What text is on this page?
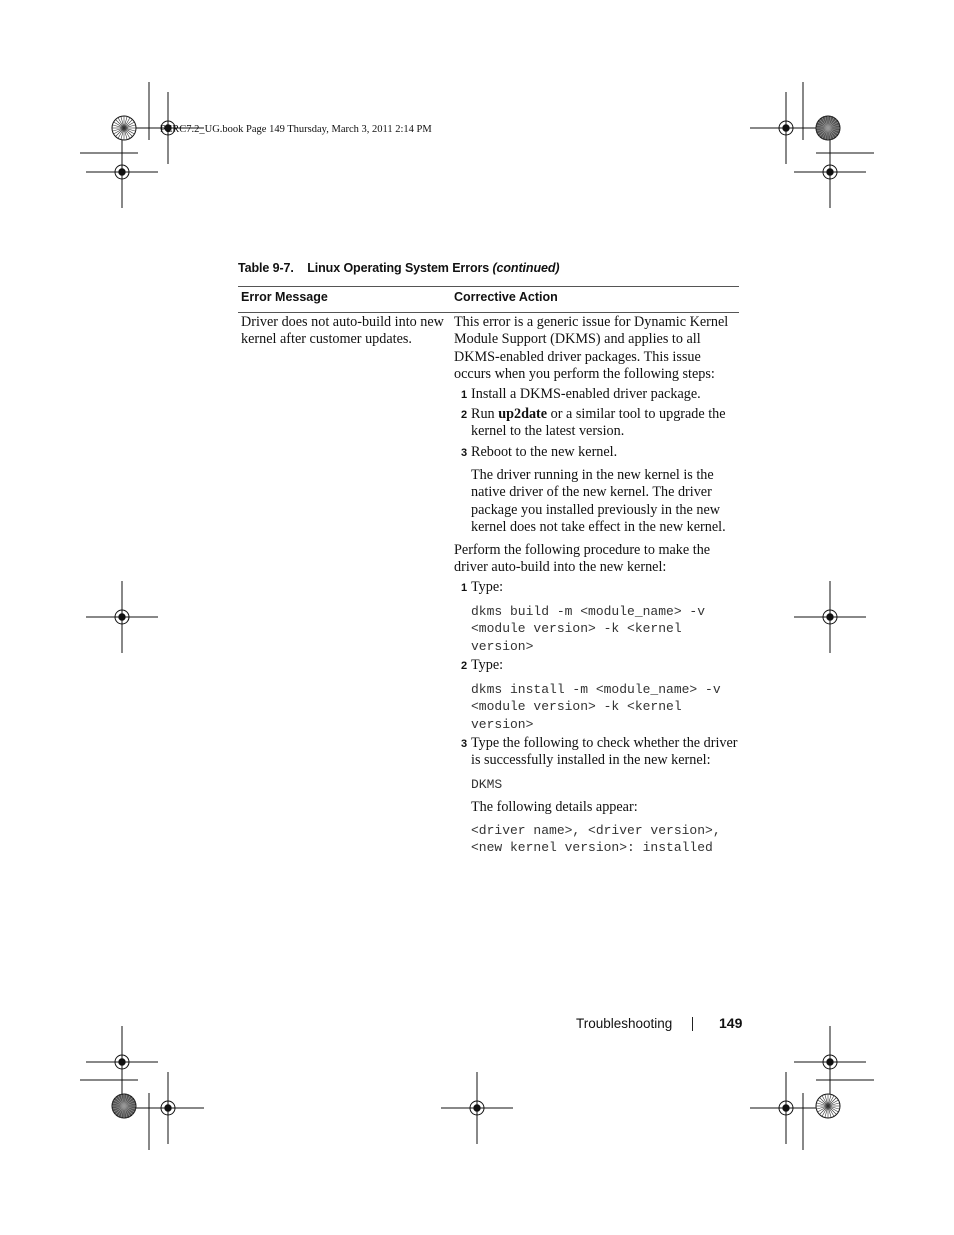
PERC7.2_UG.book Page 149 Thursday, March 3, 2011 2:14 PM
Table 9-7. Linux Operating System Errors (continued)
Error Message	Corrective Action
Driver does not auto-build into new kernel after customer updates.
This error is a generic issue for Dynamic Kernel Module Support (DKMS) and applies to all DKMS-enabled driver packages. This issue occurs when you perform the following steps:
1 Install a DKMS-enabled driver package.
2 Run up2date or a similar tool to upgrade the kernel to the latest version.
3 Reboot to the new kernel.
The driver running in the new kernel is the native driver of the new kernel. The driver package you installed previously in the new kernel does not take effect in the new kernel.
Perform the following procedure to make the driver auto-build into the new kernel:
1 Type:
dkms build -m <module_name> -v <module version> -k <kernel version>
2 Type:
dkms install -m <module_name> -v <module version> -k <kernel version>
3 Type the following to check whether the driver is successfully installed in the new kernel:
DKMS
The following details appear:
<driver name>, <driver version>, <new kernel version>: installed
Troubleshooting	149
